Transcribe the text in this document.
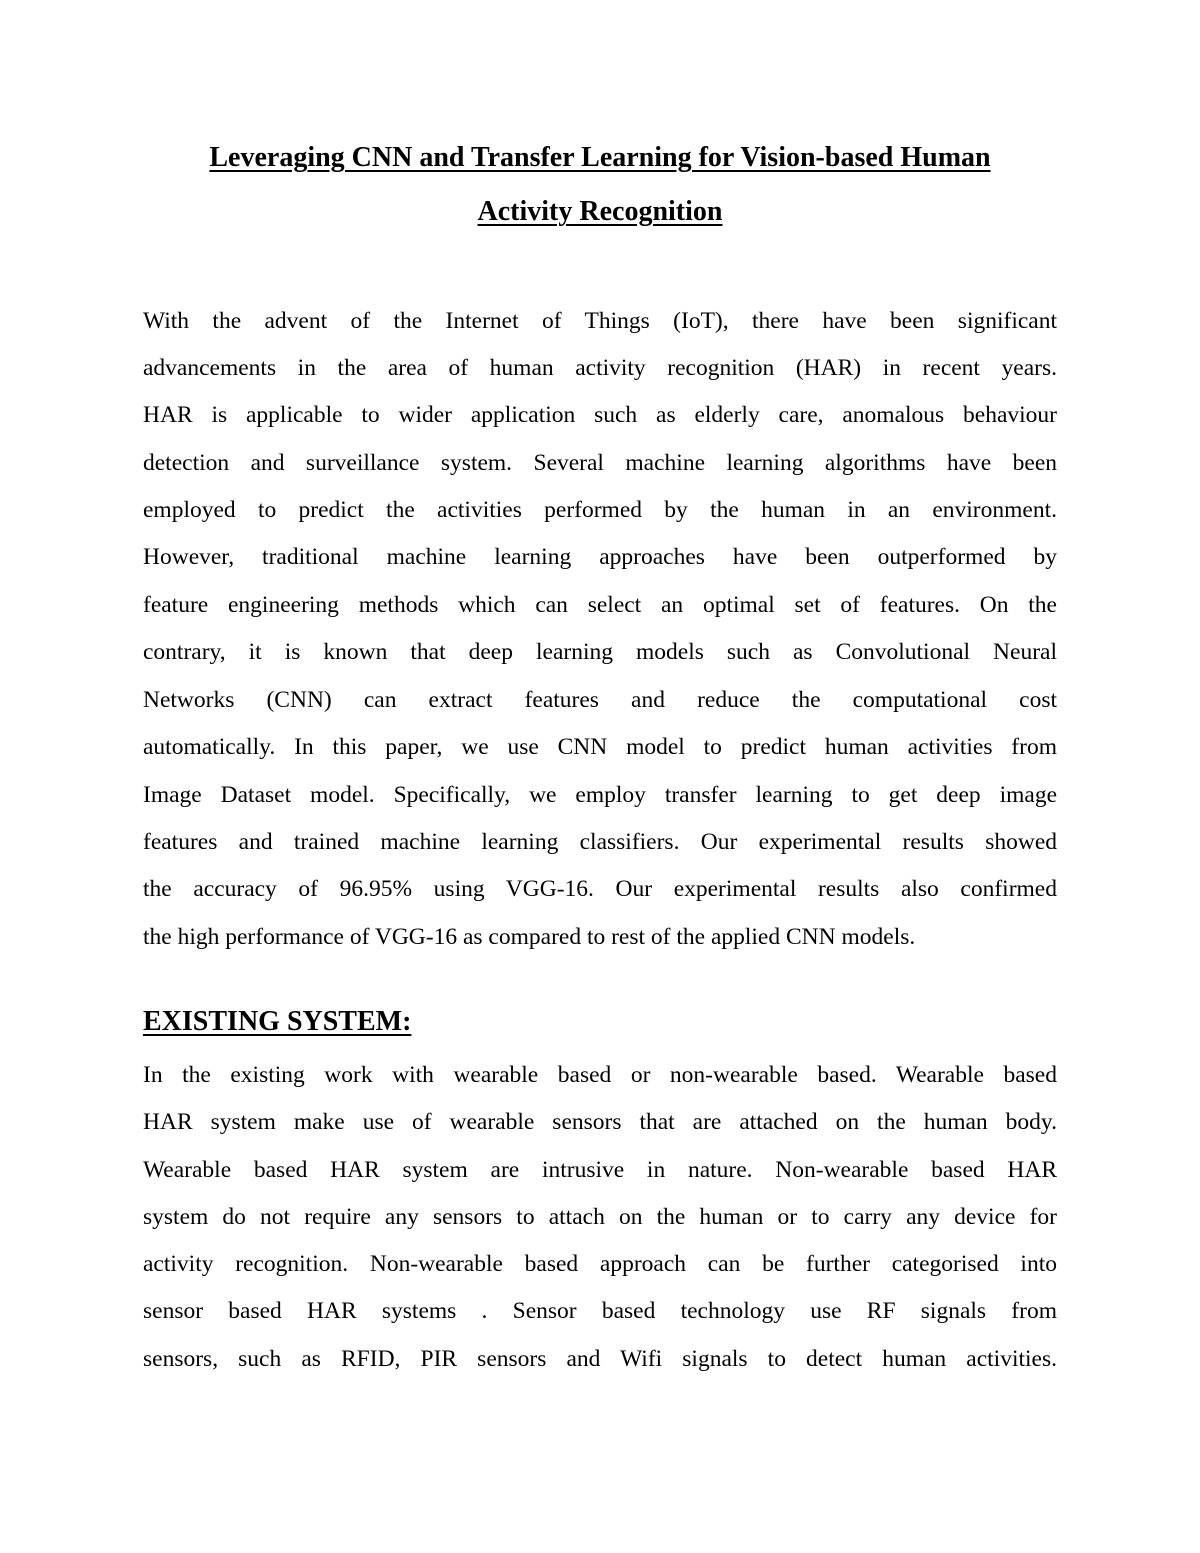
Leveraging CNN and Transfer Learning for Vision-based Human
Activity Recognition

With the advent of the Internet of Things (IoT), there have been significant

advancements in the area of human activity recognition (HAR) in recent years.

HAR is applicable to wider application such as elderly care, anomalous behaviour

detection and surveillance system. Several machine learning algorithms have been

employed to predict the activities performed by the human in an environment.

However, traditional machine learning approaches have been outperformed by

feature engineering methods which can select an optimal set of features. On the

contrary, it is known that deep learning models such as Convolutional Neural

Networks (CNN) can extract features and reduce the computational cost

automatically. In this paper, we use CNN model to predict human activities from

Image Dataset model. Specifically, we employ transfer learning to get deep image

features and trained machine learning classifiers. Our experimental results showed

the accuracy of 96.95% using VGG-16. Our experimental results also confirmed

the high performance of VGG-16 as compared to rest of the applied CNN models.

EXISTING SYSTEM:

In the existing work with wearable based or non-wearable based. Wearable based

HAR system make use of wearable sensors that are attached on the human body.

Wearable based HAR system are intrusive in nature. Non-wearable based HAR

system do not require any sensors to attach on the human or to carry any device for

activity recognition. Non-wearable based approach can be further categorised into

sensor based HAR systems . Sensor based technology use RF signals from

sensors, such as RFID, PIR sensors and Wifi signals to detect human activities.
